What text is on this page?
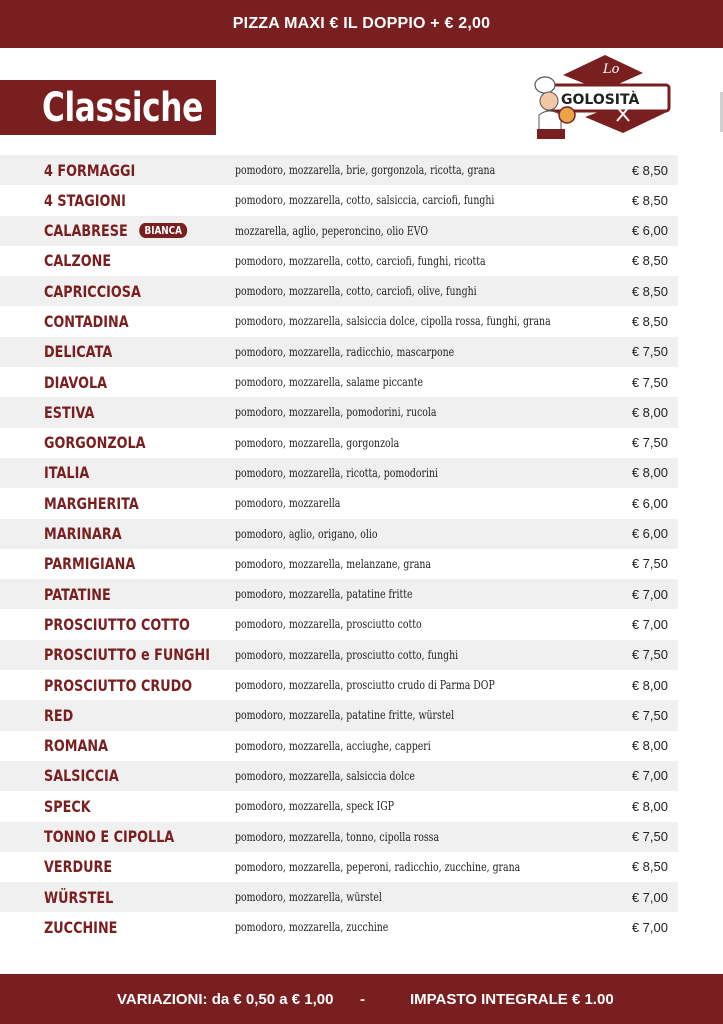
PIZZA MAXI € IL DOPPIO + € 2,00
Classiche
Lo
GOLOSITÀ
4 FORMAGGI	pomodoro, mozzarella, brie, gorgonzola, ricotta, grana	€ 8,50
4 STAGIONI	pomodoro, mozzarella, cotto, salsiccia, carciofi, funghi	€ 8,50
CALABRESE	BIANCA	mozzarella, aglio, peperoncino, olio EVO	€ 6,00
CALZONE	pomodoro, mozzarella, cotto, carciofi, funghi, ricotta	€ 8,50
CAPRICCIOSA	pomodoro, mozzarella, cotto, carciofi, olive, funghi	€ 8,50
CONTADINA	pomodoro, mozzarella, salsiccia dolce, cipolla rossa, funghi, grana	€ 8,50
DELICATA	pomodoro, mozzarella, radicchio, mascarpone	€ 7,50
DIAVOLA	pomodoro, mozzarella, salame piccante	€ 7,50
ESTIVA	pomodoro, mozzarella, pomodorini, rucola	€ 8,00
GORGONZOLA	pomodoro, mozzarella, gorgonzola	€ 7,50
ITALIA	pomodoro, mozzarella, ricotta, pomodorini	€ 8,00
MARGHERITA	pomodoro, mozzarella	€ 6,00
MARINARA	pomodoro, aglio, origano, olio	€ 6,00
PARMIGIANA	pomodoro, mozzarella, melanzane, grana	€ 7,50
PATATINE	pomodoro, mozzarella, patatine fritte	€ 7,00
PROSCIUTTO COTTO	pomodoro, mozzarella, prosciutto cotto	€ 7,00
PROSCIUTTO e FUNGHI pomodoro, mozzarella, prosciutto cotto, funghi	€ 7,50
PROSCIUTTO CRUDO	pomodoro, mozzarella, prosciutto crudo di Parma DOP	€ 8,00
RED	pomodoro, mozzarella, patatine fritte, würstel	€ 7,50
ROMANA	pomodoro, mozzarella, acciughe, capperi	€ 8,00
SALSICCIA	pomodoro, mozzarella, salsiccia dolce	€ 7,00
SPECK	pomodoro, mozzarella, speck IGP	€ 8,00
TONNO E CIPOLLA	pomodoro, mozzarella, tonno, cipolla rossa	€ 7,50
VERDURE	pomodoro, mozzarella, peperoni, radicchio, zucchine, grana	€ 8,50
WÜRSTEL	pomodoro, mozzarella, würstel	€ 7,00
ZUCCHINE	pomodoro, mozzarella, zucchine	€ 7,00
VARIAZIONI: da € 0,50 a € 1,00 -	IMPASTO INTEGRALE € 1.00
